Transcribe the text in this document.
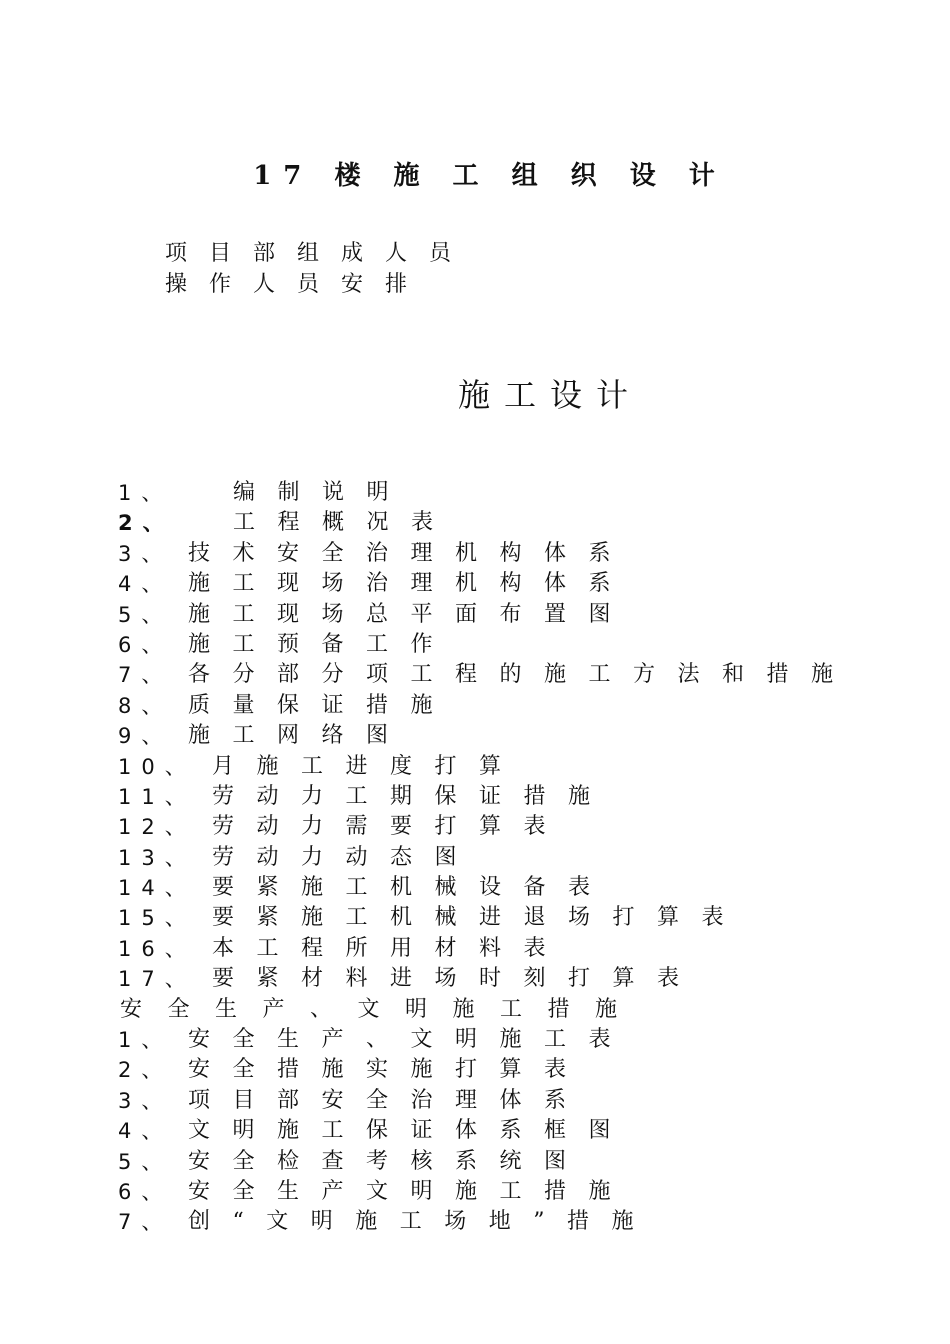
17 楼 施 工 组 织 设 计
项目部组成人员
操作人员安排
施工设计
1、	编制说明
2、	工程概况表
3、 技术安全治理机构体系
4、 施工现场治理机构体系
5、 施工现场总平面布置图
6、 施工预备工作
7、 各分部分项工程的施工方法和措施
8、 质量保证措施
9、 施工网络图
10、 月施工进度打算
11、 劳动力工期保证措施
12、 劳动力需要打算表
13、 劳动力动态图
14、 要紧施工机械设备表
15、 要紧施工机械进退场打算表
16、 本工程所用材料表
17、 要紧材料进场时刻打算表
安全生产、文明施工措施
1、 安全生产、文明施工表
2、 安全措施实施打算表
3、 项目部安全治理体系
4、 文明施工保证体系框图
5、 安全检查考核系统图
6、 安全生产文明施工措施
7、 创“文明施工场地”措施
